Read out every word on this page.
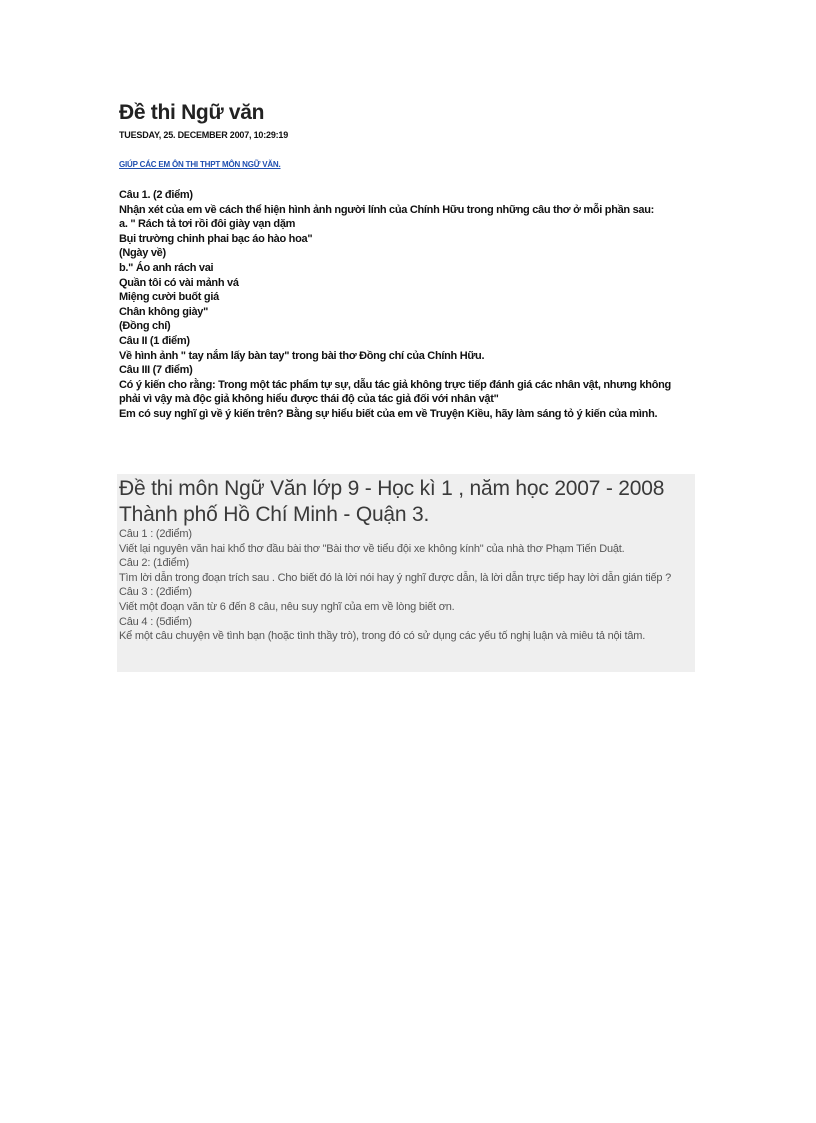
Đề thi Ngữ văn
TUESDAY, 25. DECEMBER 2007, 10:29:19
GIÚP CÁC EM ÔN THI THPT MÔN NGỮ VĂN.
Câu 1. (2 điểm)
Nhận xét của em về cách thể hiện hình ảnh người lính của Chính Hữu trong những câu thơ ở mỗi phần sau:
a. " Rách tả tơi rồi đôi giày vạn dặm
Bụi trường chinh phai bạc áo hào hoa"
(Ngày về)
b." Áo anh rách vai
Quần tôi có vài mảnh vá
Miệng cười buốt giá
Chân không giày"
(Đồng chí)
Câu II (1 điểm)
Về hình ảnh " tay nắm lấy bàn tay" trong bài thơ Đồng chí của Chính Hữu.
Câu III (7 điểm)
Có ý kiến cho rằng: Trong một tác phẩm tự sự, dẫu tác giả không trực tiếp đánh giá các nhân vật, nhưng không phải vì vậy mà độc giả không hiểu được thái độ của tác giả đối với nhân vật"
Em có suy nghĩ gì về ý kiến trên? Bằng sự hiểu biết của em về Truyện Kiều, hãy làm sáng tỏ ý kiến của mình.
Đề thi môn Ngữ Văn lớp 9 - Học kì 1 , năm học 2007 - 2008 Thành phố Hồ Chí Minh - Quận 3.
Câu 1 : (2điểm)
Viết lại nguyên văn hai khổ thơ đầu bài thơ "Bài thơ về tiểu đội xe không kính" của nhà thơ Phạm Tiến Duật.
Câu 2: (1điểm)
Tìm lời dẫn trong đoạn trích sau . Cho biết đó là lời nói hay ý nghĩ được dẫn, là lời dẫn trực tiếp hay lời dẫn gián tiếp ?
Câu 3 : (2điểm)
Viết một đoạn văn từ 6 đến 8 câu, nêu suy nghĩ của em về lòng biết ơn.
Câu 4 : (5điểm)
Kể một câu chuyện về tình bạn (hoặc tình thầy trò), trong đó có sử dụng các yếu tố nghị luận và miêu tả nội tâm.
